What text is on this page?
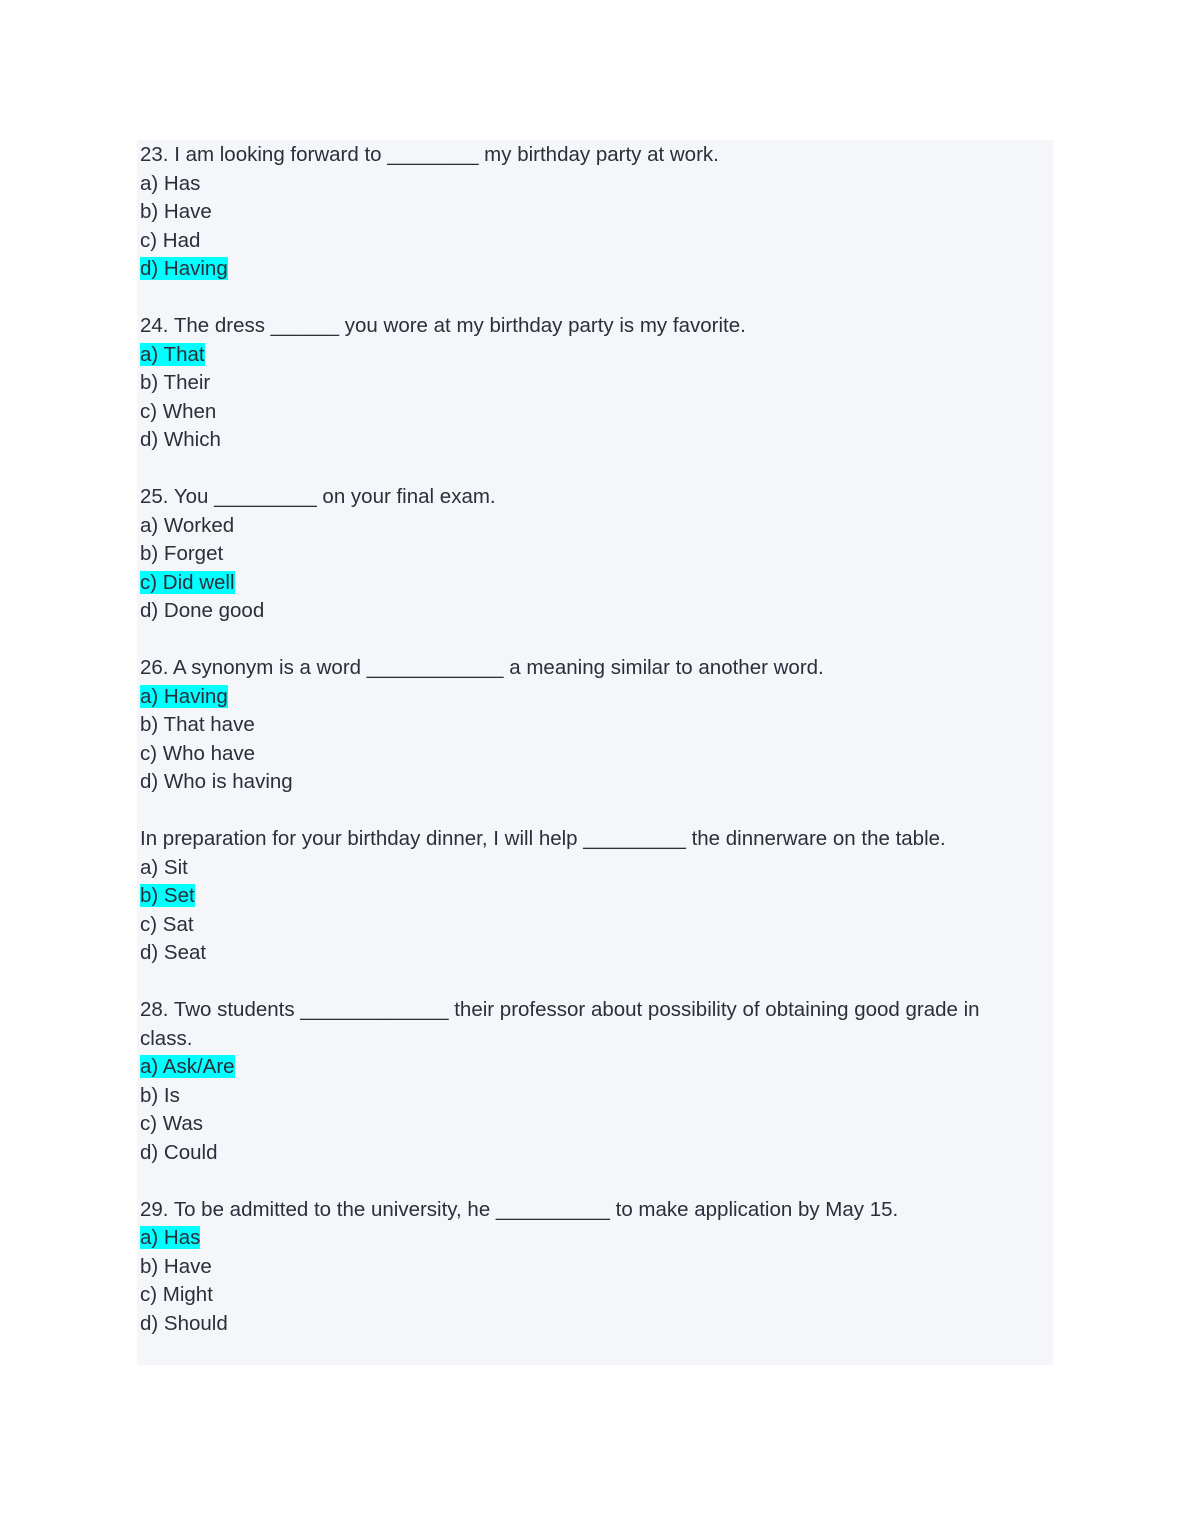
23. I am looking forward to ________ my birthday party at work.
a) Has
b) Have
c) Had
d) Having
24. The dress ______ you wore at my birthday party is my favorite.
a) That
b) Their
c) When
d) Which
25. You _________ on your final exam.
a) Worked
b) Forget
c) Did well
d) Done good
26. A synonym is a word ____________ a meaning similar to another word.
a) Having
b) That have
c) Who have
d) Who is having
In preparation for your birthday dinner, I will help _________ the dinnerware on the table.
a) Sit
b) Set
c) Sat
d) Seat
28. Two students _____________ their professor about possibility of obtaining good grade in class.
a) Ask/Are
b) Is
c) Was
d) Could
29. To be admitted to the university, he __________ to make application by May 15.
a) Has
b) Have
c) Might
d) Should
